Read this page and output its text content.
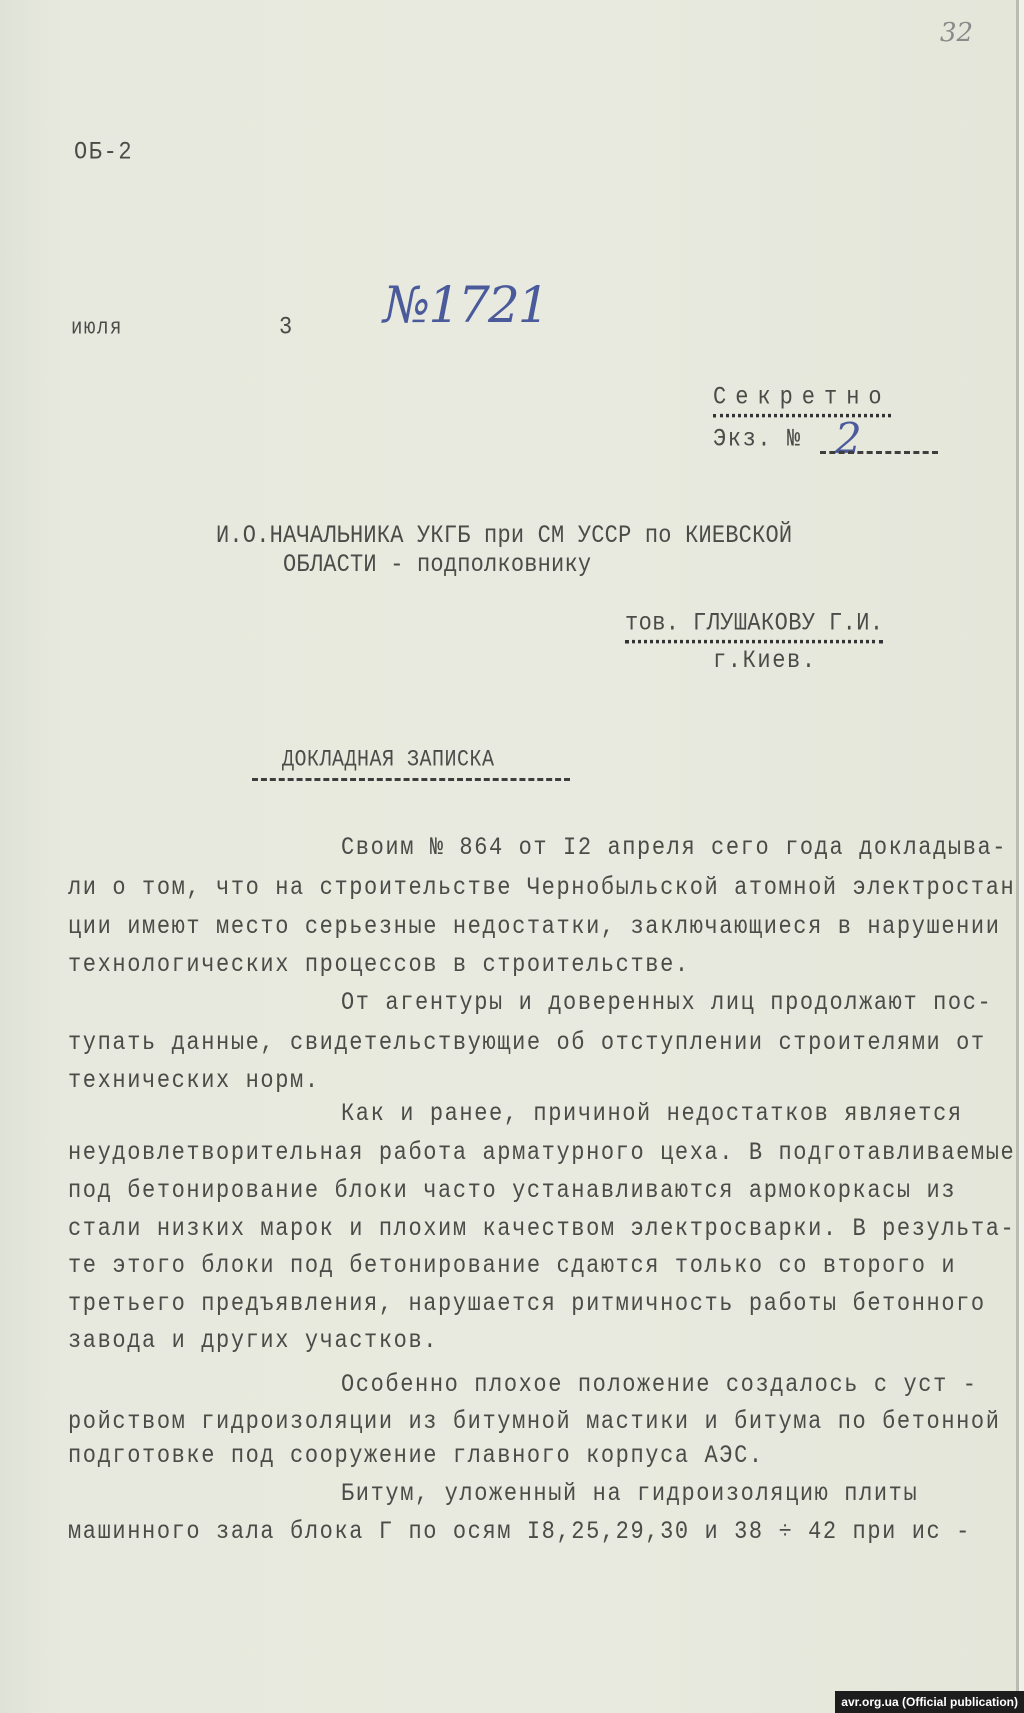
32
ОБ-2
июля	3 №1721
Секретно
Экз. № 2
И.О.НАЧАЛЬНИКА УКГБ при СМ УССР по КИЕВСКОЙ
ОБЛАСТИ - подполковнику
тов. ГЛУШАКОВУ Г.И.
г.Киев.
ДОКЛАДНАЯ ЗАПИСКА
Своим № 864 от I2 апреля сего года докладыва-
ли о том, что на строительстве Чернобыльской атомной электростан
ции имеют место серьезные недостатки, заключающиеся в нарушении
технологических процессов в строительстве.
От агентуры и доверенных лиц продолжают пос-
тупать данные, свидетельствующие об отступлении строителями от
технических норм.
Как и ранее, причиной недостатков является
неудовлетворительная работа арматурного цеха. В подготавливаемые
под бетонирование блоки часто устанавливаются армокоркасы из
стали низких марок и плохим качеством электросварки. В результа-
те этого блоки под бетонирование сдаются только со второго и
третьего предъявления, нарушается ритмичность работы бетонного
завода и других участков.
Особенно плохое положение создалось с уст -
ройством гидроизоляции из битумной мастики и битума по бетонной
подготовке под сооружение главного корпуса АЭС.
Битум, уложенный на гидроизоляцию плиты
машинного зала блока Г по осям I8,25,29,30 и 38 ÷ 42 при ис -
avr.org.ua (Official publication)
